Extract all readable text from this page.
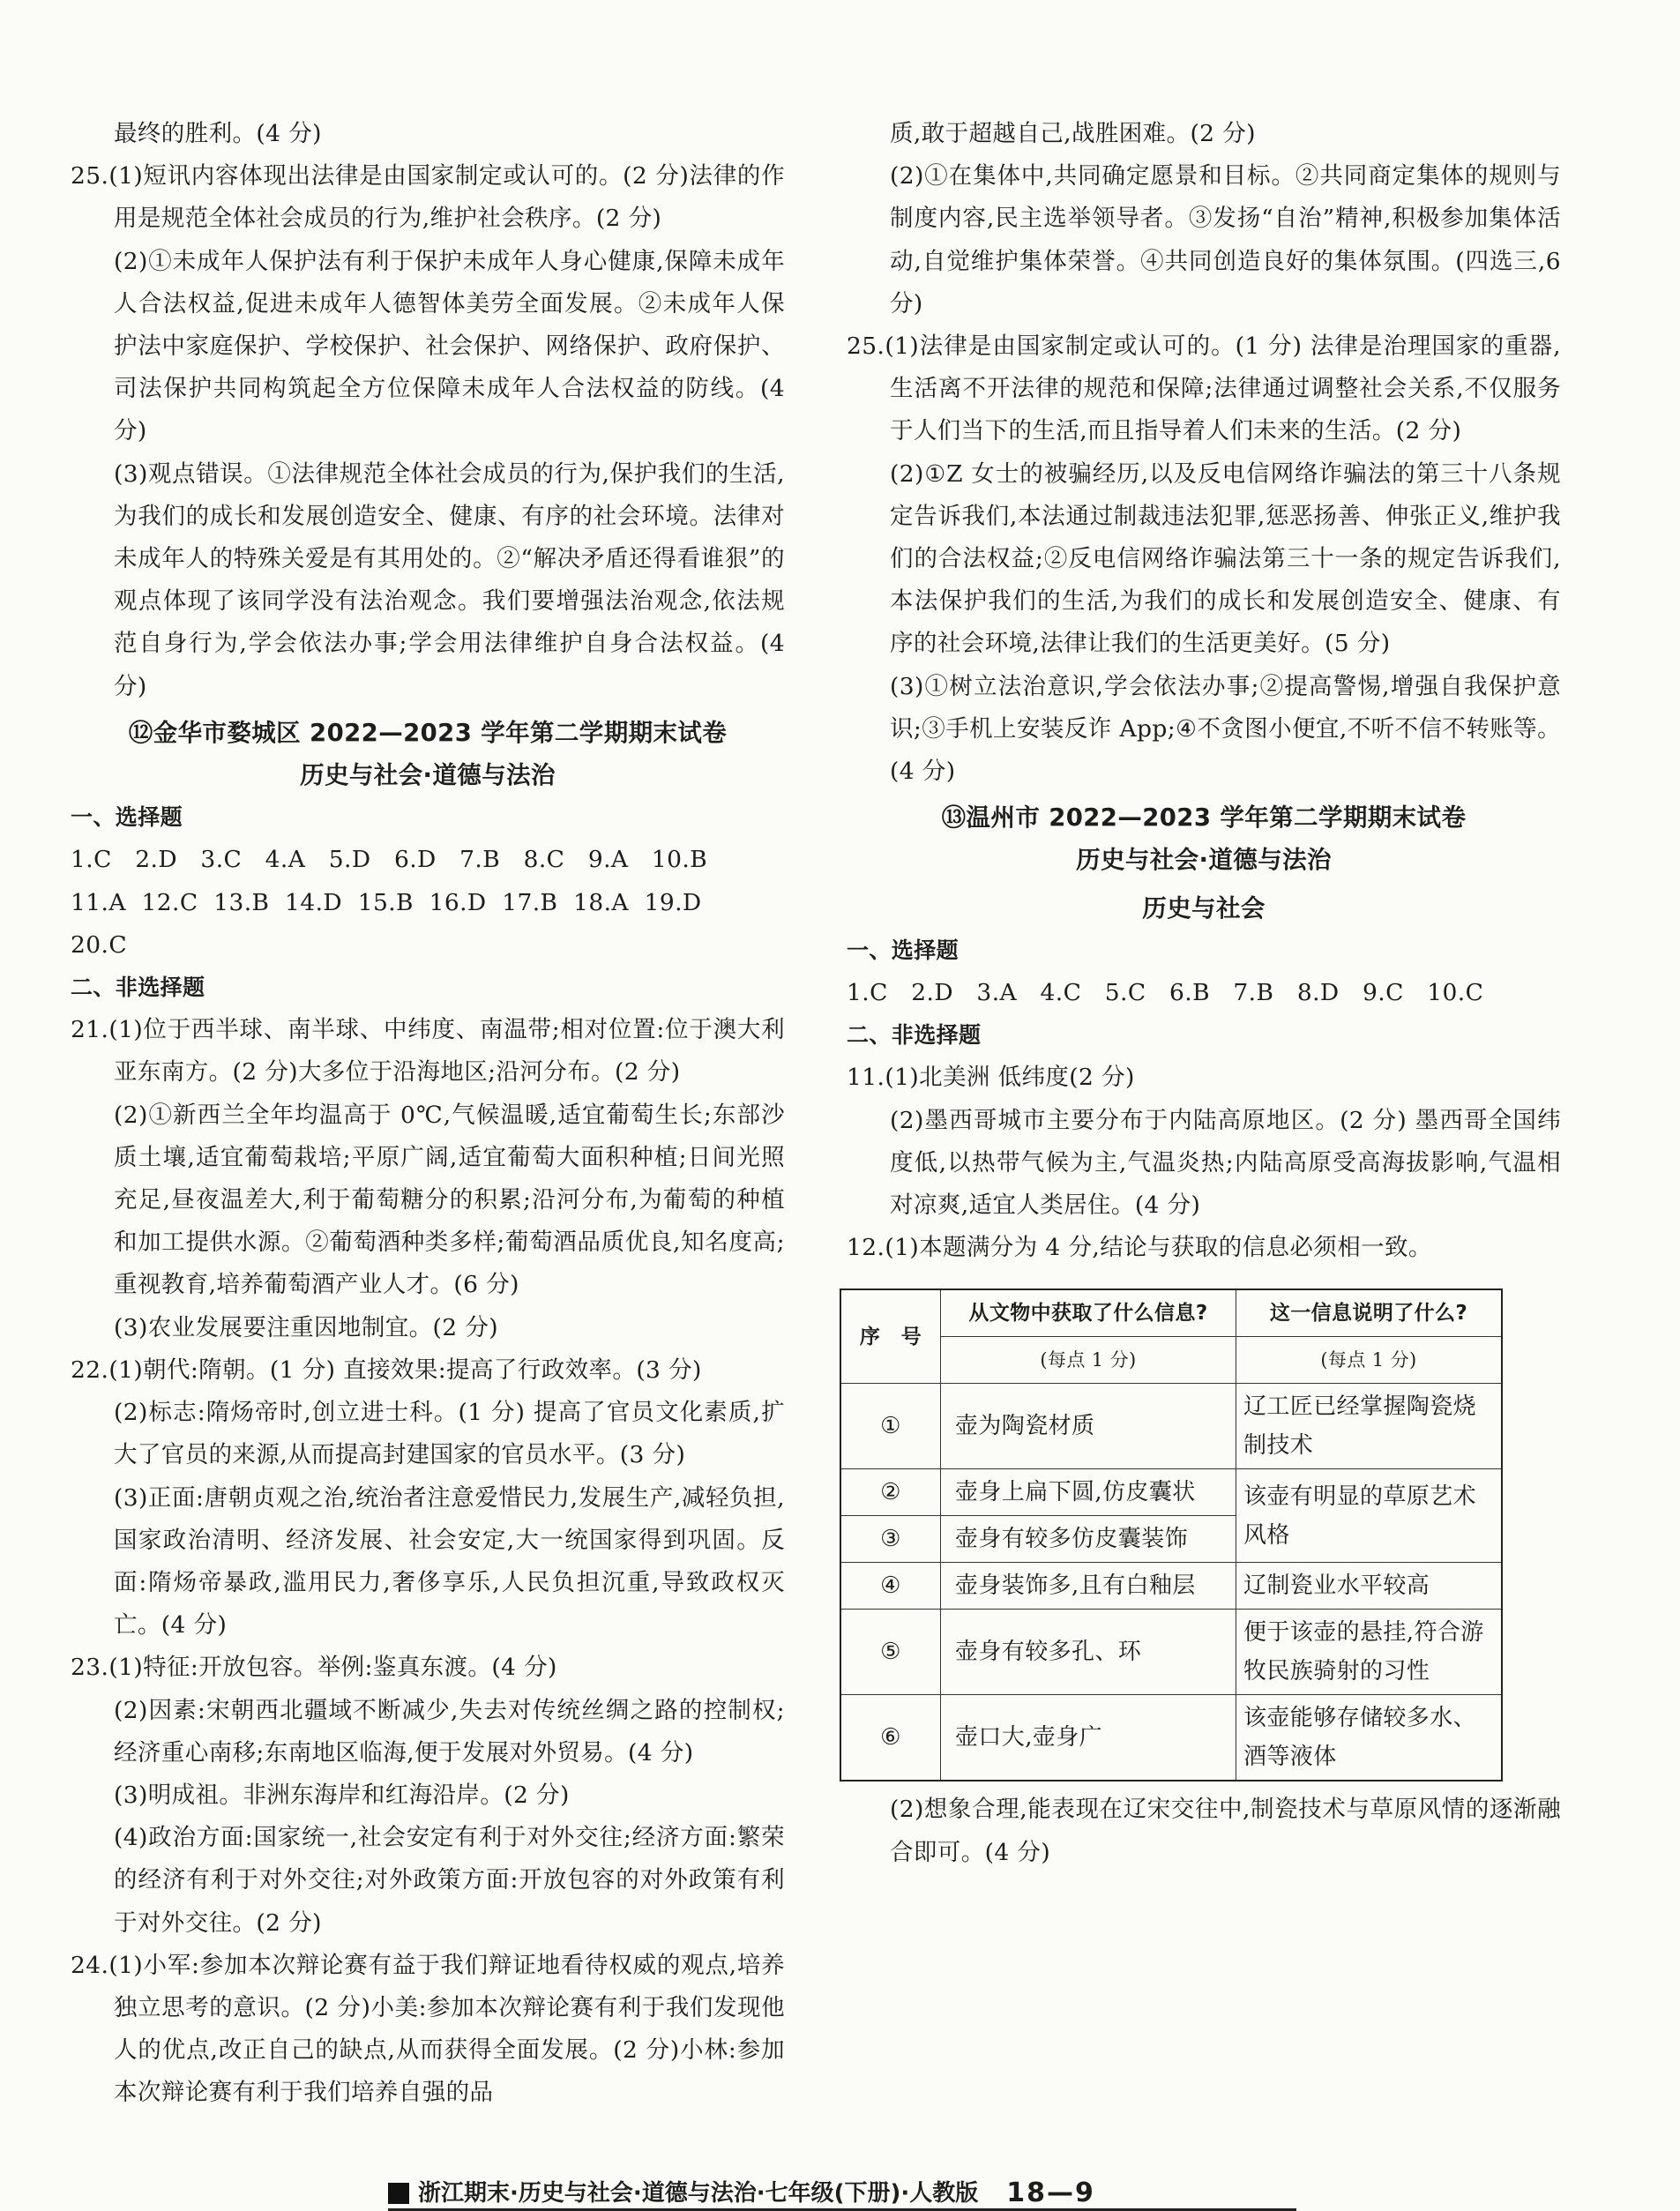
最终的胜利。(4 分)

25.(1)短讯内容体现出法律是由国家制定或认可的。(2 分)法律的作用是规范全体社会成员的行为,维护社会秩序。(2 分)

(2)①未成年人保护法有利于保护未成年人身心健康,保障未成年人合法权益,促进未成年人德智体美劳全面发展。②未成年人保护法中家庭保护、学校保护、社会保护、网络保护、政府保护、司法保护共同构筑起全方位保障未成年人合法权益的防线。(4 分)

(3)观点错误。①法律规范全体社会成员的行为,保护我们的生活,为我们的成长和发展创造安全、健康、有序的社会环境。法律对未成年人的特殊关爱是有其用处的。②“解决矛盾还得看谁狠”的观点体现了该同学没有法治观念。我们要增强法治观念,依法规范自身行为,学会依法办事;学会用法律维护自身合法权益。(4 分)

⑫金华市婺城区 2022—2023 学年第二学期期末试卷
历史与社会·道德与法治
一、选择题
1.C   2.D   3.C   4.A   5.D   6.D   7.B   8.C   9.A   10.B
11.A  12.C  13.B  14.D  15.B  16.D  17.B  18.A  19.D
20.C
二、非选择题

21.(1)位于西半球、南半球、中纬度、南温带;相对位置:位于澳大利亚东南方。(2 分)大多位于沿海地区;沿河分布。(2 分)

(2)①新西兰全年均温高于 0℃,气候温暖,适宜葡萄生长;东部沙质土壤,适宜葡萄栽培;平原广阔,适宜葡萄大面积种植;日间光照充足,昼夜温差大,利于葡萄糖分的积累;沿河分布,为葡萄的种植和加工提供水源。②葡萄酒种类多样;葡萄酒品质优良,知名度高;重视教育,培养葡萄酒产业人才。(6 分)

(3)农业发展要注重因地制宜。(2 分)

22.(1)朝代:隋朝。(1 分) 直接效果:提高了行政效率。(3 分)

(2)标志:隋炀帝时,创立进士科。(1 分) 提高了官员文化素质,扩大了官员的来源,从而提高封建国家的官员水平。(3 分)

(3)正面:唐朝贞观之治,统治者注意爱惜民力,发展生产,减轻负担,国家政治清明、经济发展、社会安定,大一统国家得到巩固。反面:隋炀帝暴政,滥用民力,奢侈享乐,人民负担沉重,导致政权灭亡。(4 分)

23.(1)特征:开放包容。举例:鉴真东渡。(4 分)

(2)因素:宋朝西北疆域不断减少,失去对传统丝绸之路的控制权;经济重心南移;东南地区临海,便于发展对外贸易。(4 分)

(3)明成祖。非洲东海岸和红海沿岸。(2 分)

(4)政治方面:国家统一,社会安定有利于对外交往;经济方面:繁荣的经济有利于对外交往;对外政策方面:开放包容的对外政策有利于对外交往。(2 分)

24.(1)小军:参加本次辩论赛有益于我们辩证地看待权威的观点,培养独立思考的意识。(2 分)小美:参加本次辩论赛有利于我们发现他人的优点,改正自己的缺点,从而获得全面发展。(2 分)小林:参加本次辩论赛有利于我们培养自强的品

质,敢于超越自己,战胜困难。(2 分)

(2)①在集体中,共同确定愿景和目标。②共同商定集体的规则与制度内容,民主选举领导者。③发扬“自治”精神,积极参加集体活动,自觉维护集体荣誉。④共同创造良好的集体氛围。(四选三,6 分)

25.(1)法律是由国家制定或认可的。(1 分) 法律是治理国家的重器,生活离不开法律的规范和保障;法律通过调整社会关系,不仅服务于人们当下的生活,而且指导着人们未来的生活。(2 分)

(2)①Z 女士的被骗经历,以及反电信网络诈骗法的第三十八条规定告诉我们,本法通过制裁违法犯罪,惩恶扬善、伸张正义,维护我们的合法权益;②反电信网络诈骗法第三十一条的规定告诉我们,本法保护我们的生活,为我们的成长和发展创造安全、健康、有序的社会环境,法律让我们的生活更美好。(5 分)

(3)①树立法治意识,学会依法办事;②提高警惕,增强自我保护意识;③手机上安装反诈 App;④不贪图小便宜,不听不信不转账等。(4 分)

⑬温州市 2022—2023 学年第二学期期末试卷
历史与社会·道德与法治
历史与社会
一、选择题
1.C   2.D   3.A   4.C   5.C   6.B   7.B   8.D   9.C   10.C
二、非选择题

11.(1)北美洲 低纬度(2 分)

(2)墨西哥城市主要分布于内陆高原地区。(2 分) 墨西哥全国纬度低,以热带气候为主,气温炎热;内陆高原受高海拔影响,气温相对凉爽,适宜人类居住。(4 分)

12.(1)本题满分为 4 分,结论与获取的信息必须相一致。

序　号	从文物中获取了什么信息?	这一信息说明了什么?
	(每点 1 分)	(每点 1 分)
①	壶为陶瓷材质	辽工匠已经掌握陶瓷烧制技术
②	壶身上扁下圆,仿皮囊状	该壶有明显的草原艺术风格
③	壶身有较多仿皮囊装饰	
④	壶身装饰多,且有白釉层	辽制瓷业水平较高
⑤	壶身有较多孔、环	便于该壶的悬挂,符合游牧民族骑射的习性
⑥	壶口大,壶身广	该壶能够存储较多水、酒等液体

(2)想象合理,能表现在辽宋交往中,制瓷技术与草原风情的逐渐融合即可。(4 分)

浙江期末·历史与社会·道德与法治·七年级(下册)·人教版 18—9
